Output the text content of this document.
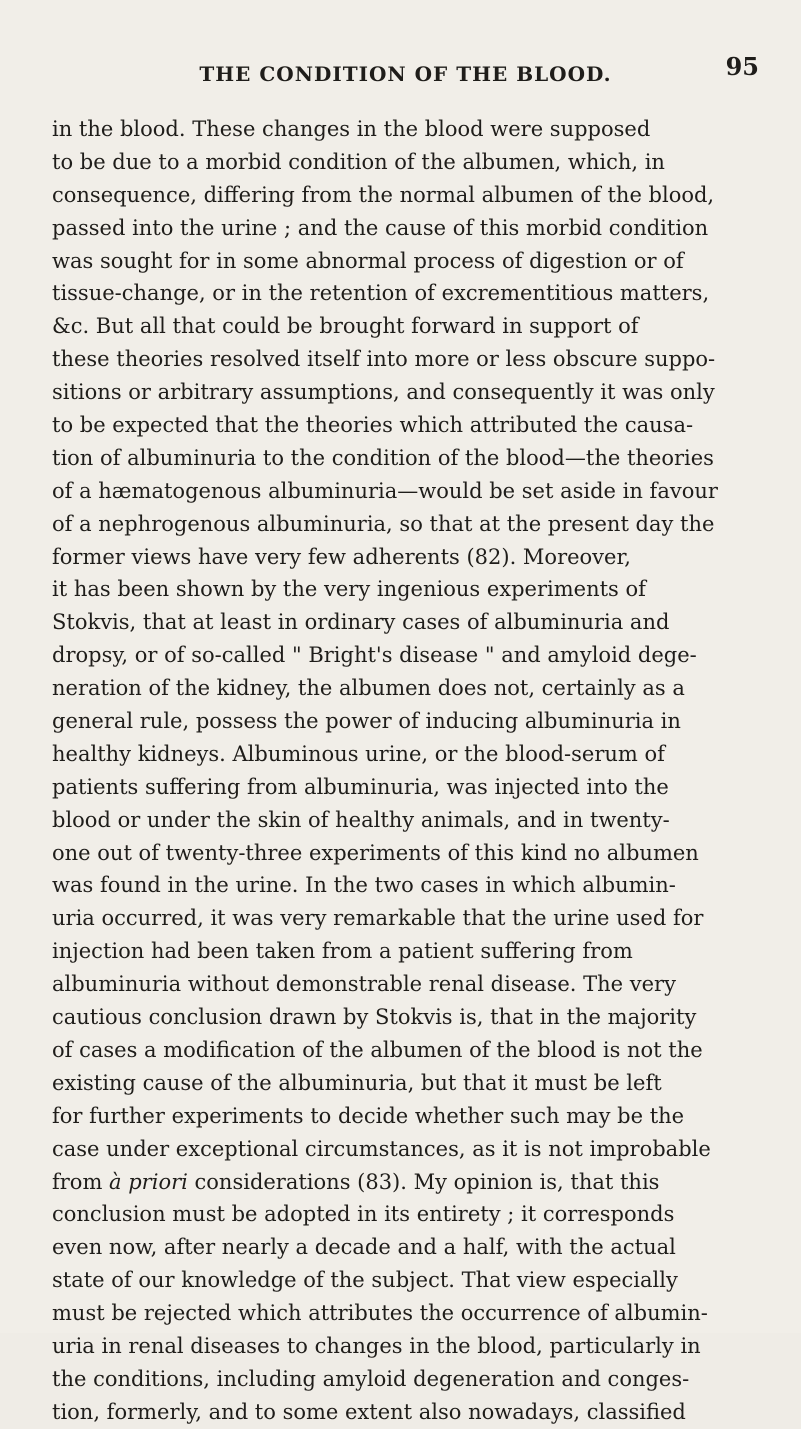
THE CONDITION OF THE BLOOD.	95
in the blood. These changes in the blood were supposed
to be due to a morbid condition of the albumen, which, in
consequence, differing from the normal albumen of the blood,
passed into the urine ; and the cause of this morbid condition
was sought for in some abnormal process of digestion or of
tissue-change, or in the retention of excrementitious matters,
&c. But all that could be brought forward in support of
these theories resolved itself into more or less obscure suppo-
sitions or arbitrary assumptions, and consequently it was only
to be expected that the theories which attributed the causa-
tion of albuminuria to the condition of the blood—the theories
of a hæmatogenous albuminuria—would be set aside in favour
of a nephrogenous albuminuria, so that at the present day the
former views have very few adherents (82). Moreover,
it has been shown by the very ingenious experiments of
Stokvis, that at least in ordinary cases of albuminuria and
dropsy, or of so-called " Bright's disease " and amyloid dege-
neration of the kidney, the albumen does not, certainly as a
general rule, possess the power of inducing albuminuria in
healthy kidneys. Albuminous urine, or the blood-serum of
patients suffering from albuminuria, was injected into the
blood or under the skin of healthy animals, and in twenty-
one out of twenty-three experiments of this kind no albumen
was found in the urine. In the two cases in which albumin-
uria occurred, it was very remarkable that the urine used for
injection had been taken from a patient suffering from
albuminuria without demonstrable renal disease. The very
cautious conclusion drawn by Stokvis is, that in the majority
of cases a modification of the albumen of the blood is not the
existing cause of the albuminuria, but that it must be left
for further experiments to decide whether such may be the
case under exceptional circumstances, as it is not improbable
from à priori considerations (83). My opinion is, that this
conclusion must be adopted in its entirety ; it corresponds
even now, after nearly a decade and a half, with the actual
state of our knowledge of the subject. That view especially
must be rejected which attributes the occurrence of albumin-
uria in renal diseases to changes in the blood, particularly in
the conditions, including amyloid degeneration and conges-
tion, formerly, and to some extent also nowadays, classified
